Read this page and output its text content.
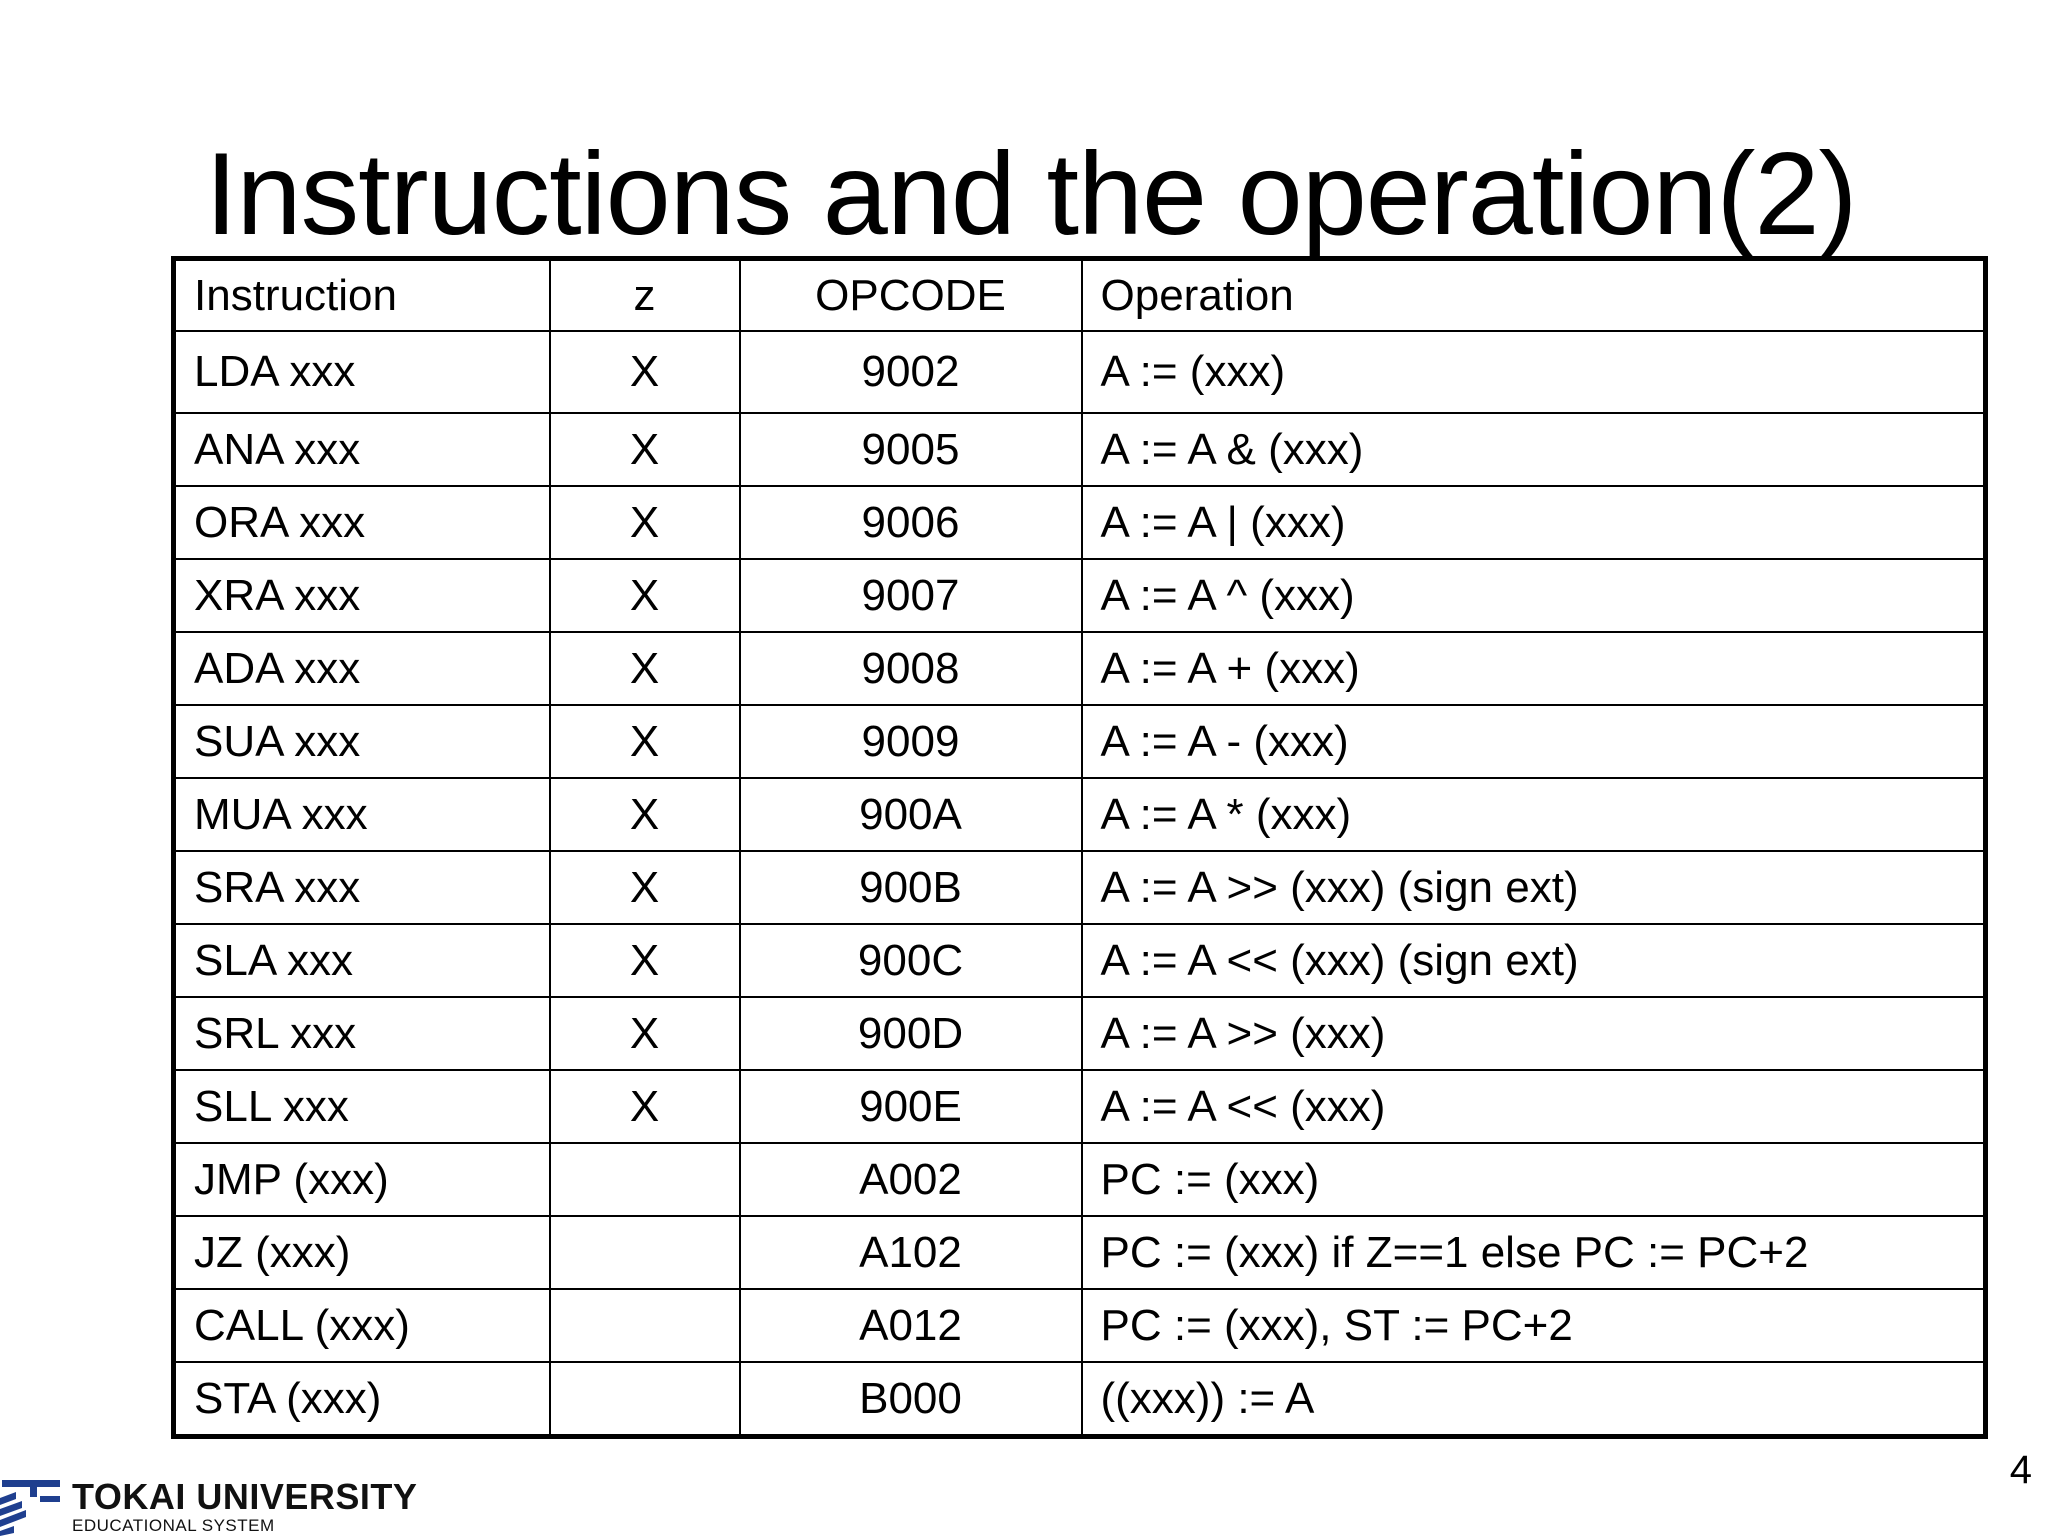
Instructions and the operation(2)
Instruction	z	OPCODE	Operation
LDA xxx	X	9002	A := (xxx)
ANA xxx	X	9005	A := A & (xxx)
ORA xxx	X	9006	A := A | (xxx)
XRA xxx	X	9007	A := A ^ (xxx)
ADA xxx	X	9008	A := A + (xxx)
SUA xxx	X	9009	A := A - (xxx)
MUA xxx	X	900A	A := A * (xxx)
SRA xxx	X	900B	A := A >> (xxx) (sign ext)
SLA xxx	X	900C	A := A << (xxx) (sign ext)
SRL xxx	X	900D	A := A >> (xxx)
SLL xxx	X	900E	A := A << (xxx)
JMP (xxx)		A002	PC := (xxx)
JZ (xxx)		A102	PC := (xxx) if Z==1 else PC := PC+2
CALL (xxx)		A012	PC := (xxx), ST := PC+2
STA (xxx)		B000	((xxx)) := A
4
TOKAI UNIVERSITY
EDUCATIONAL SYSTEM
